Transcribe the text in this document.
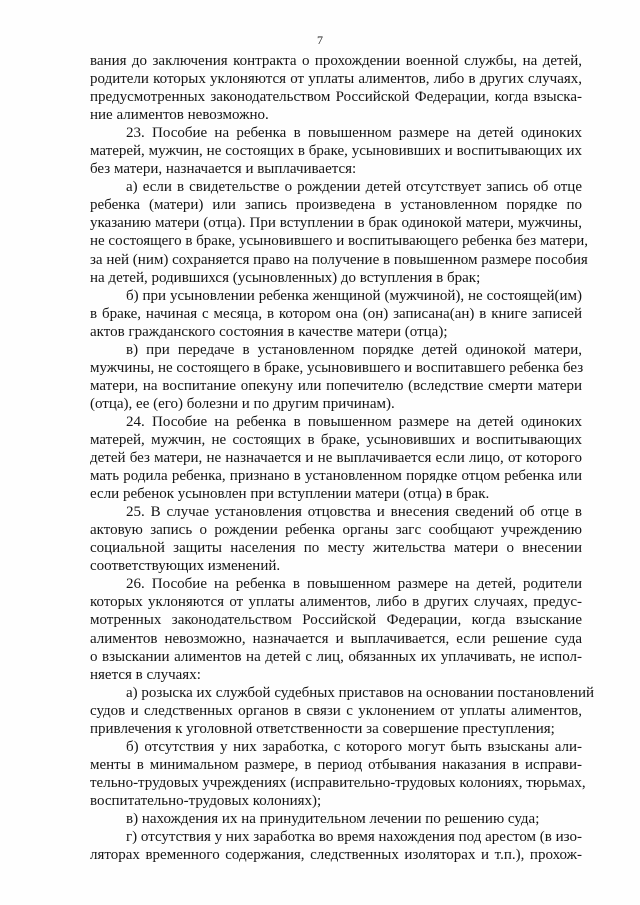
7
вания до заключения контракта о прохождении военной службы, на детей,
родители которых уклоняются от уплаты алиментов, либо в других случаях,
предусмотренных законодательством Российской Федерации, когда взыска-
ние алиментов невозможно.
23. Пособие на ребенка в повышенном размере на детей одиноких
матерей, мужчин, не состоящих в браке, усыновивших и воспитывающих их
без матери, назначается и выплачивается:
а) если в свидетельстве о рождении детей отсутствует запись об отце
ребенка (матери) или запись произведена в установленном порядке по
указанию матери (отца). При вступлении в брак одинокой матери, мужчины,
не состоящего в браке, усыновившего и воспитывающего ребенка без матери,
за ней (ним) сохраняется право на получение в повышенном размере пособия
на детей, родившихся (усыновленных) до вступления в брак;
б) при усыновлении ребенка женщиной (мужчиной), не состоящей(им)
в браке, начиная с месяца, в котором она (он) записана(ан) в книге записей
актов гражданского состояния в качестве матери (отца);
в) при передаче в установленном порядке детей одинокой матери,
мужчины, не состоящего в браке, усыновившего и воспитавшего ребенка без
матери, на воспитание опекуну или попечителю (вследствие смерти матери
(отца), ее (его) болезни и по другим причинам).
24. Пособие на ребенка в повышенном размере на детей одиноких
матерей, мужчин, не состоящих в браке, усыновивших и воспитывающих
детей без матери, не назначается и не выплачивается если лицо, от которого
мать родила ребенка, признано в установленном порядке отцом ребенка или
если ребенок усыновлен при вступлении матери (отца) в брак.
25. В случае установления отцовства и внесения сведений об отце в
актовую запись о рождении ребенка органы загс сообщают учреждению
социальной защиты населения по месту жительства матери о внесении
соответствующих изменений.
26. Пособие на ребенка в повышенном размере на детей, родители
которых уклоняются от уплаты алиментов, либо в других случаях, предус-
мотренных законодательством Российской Федерации, когда взыскание
алиментов невозможно, назначается и выплачивается, если решение суда
о взыскании алиментов на детей с лиц, обязанных их уплачивать, не испол-
няется в случаях:
а) розыска их службой судебных приставов на основании постановлений
судов и следственных органов в связи с уклонением от уплаты алиментов,
привлечения к уголовной ответственности за совершение преступления;
б) отсутствия у них заработка, с которого могут быть взысканы али-
менты в минимальном размере, в период отбывания наказания в исправи-
тельно-трудовых учреждениях (исправительно-трудовых колониях, тюрьмах,
воспитательно-трудовых колониях);
в) нахождения их на принудительном лечении по решению суда;
г) отсутствия у них заработка во время нахождения под арестом (в изо-
ляторах временного содержания, следственных изоляторах и т.п.), прохож-
